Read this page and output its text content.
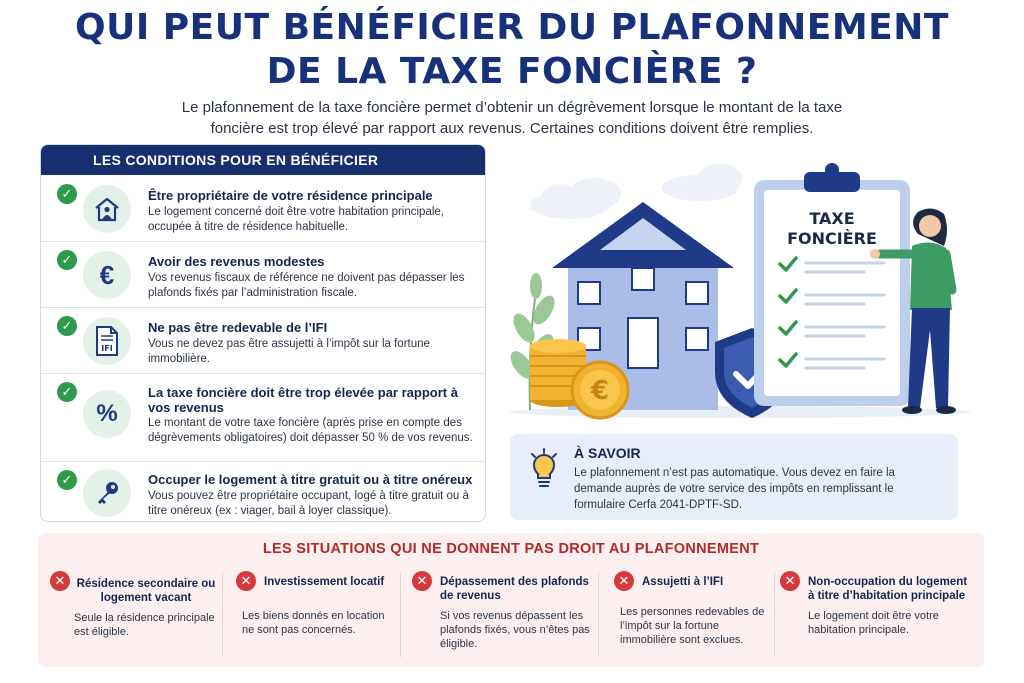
QUI PEUT BÉNÉFICIER DU PLAFONNEMENT
DE LA TAXE FONCIÈRE ?
Le plafonnement de la taxe foncière permet d’obtenir un dégrèvement lorsque le montant de la taxe
foncière est trop élevé par rapport aux revenus. Certaines conditions doivent être remplies.
LES CONDITIONS POUR EN BÉNÉFICIER
✓	Être propriétaire de votre résidence principale
Le logement concerné doit être votre habitation principale, occupée à titre de résidence habituelle.
✓	€	Avoir des revenus modestes
Vos revenus fiscaux de référence ne doivent pas dépasser les plafonds fixés par l’administration fiscale.
✓
IFI
Ne pas être redevable de l’IFI
Vous ne devez pas être assujetti à l’impôt sur la fortune immobilière.
✓
%
La taxe foncière doit être trop élevée par rapport à vos revenus
Le montant de votre taxe foncière (après prise en compte des dégrèvements obligatoires) doit dépasser 50 % de vos revenus.
✓	Occuper le logement à titre gratuit ou à titre onéreux
Vous pouvez être propriétaire occupant, logé à titre gratuit ou à titre onéreux (ex : viager, bail à loyer classique).
€
TAXE
FONCIÈRE
À SAVOIR
Le plafonnement n’est pas automatique. Vous devez en faire la demande auprès de votre service des impôts en remplissant le formulaire Cerfa 2041-DPTF-SD.
LES SITUATIONS QUI NE DONNENT PAS DROIT AU PLAFONNEMENT
✕ Résidence secondaire ou logement vacant
Seule la résidence principale est éligible.
✕	Investissement locatif
Les biens donnés en location ne sont pas concernés.
✕	Dépassement des plafonds de revenus
Si vos revenus dépassent les plafonds fixés, vous n’êtes pas éligible.
✕	Assujetti à l’IFI
Les personnes redevables de l’impôt sur la fortune immobilière sont exclues.
✕	Non-occupation du logement à titre d’habitation principale
Le logement doit être votre habitation principale.
